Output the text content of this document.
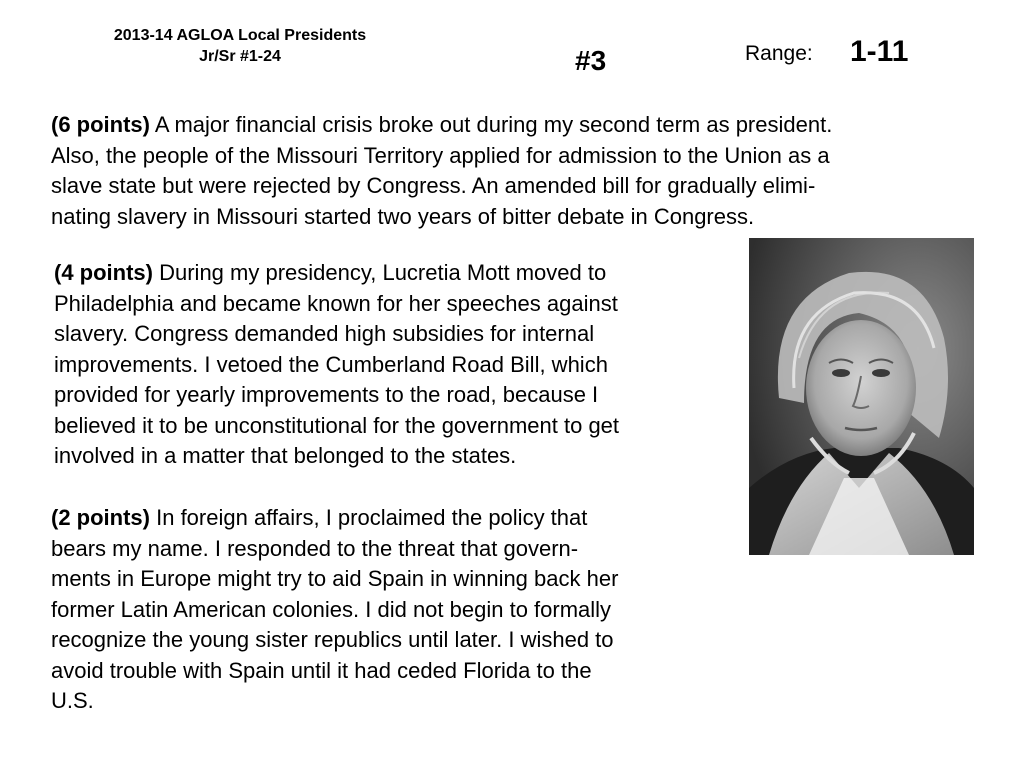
2013-14 AGLOA Local Presidents
Jr/Sr #1-24	#3	Range: 1-11

(6 points) A major financial crisis broke out during my second term as president.
Also, the people of the Missouri Territory applied for admission to the Union as a
slave state but were rejected by Congress. An amended bill for gradually elimi-
nating slavery in Missouri started two years of bitter debate in Congress.

(4 points) During my presidency, Lucretia Mott moved to
Philadelphia and became known for her speeches against
slavery. Congress demanded high subsidies for internal
improvements. I vetoed the Cumberland Road Bill, which
provided for yearly improvements to the road, because I
believed it to be unconstitutional for the government to get
involved in a matter that belonged to the states.

(2 points) In foreign affairs, I proclaimed the policy that
bears my name. I responded to the threat that govern-
ments in Europe might try to aid Spain in winning back her
former Latin American colonies. I did not begin to formally
recognize the young sister republics until later. I wished to
avoid trouble with Spain until it had ceded Florida to the
U.S.
